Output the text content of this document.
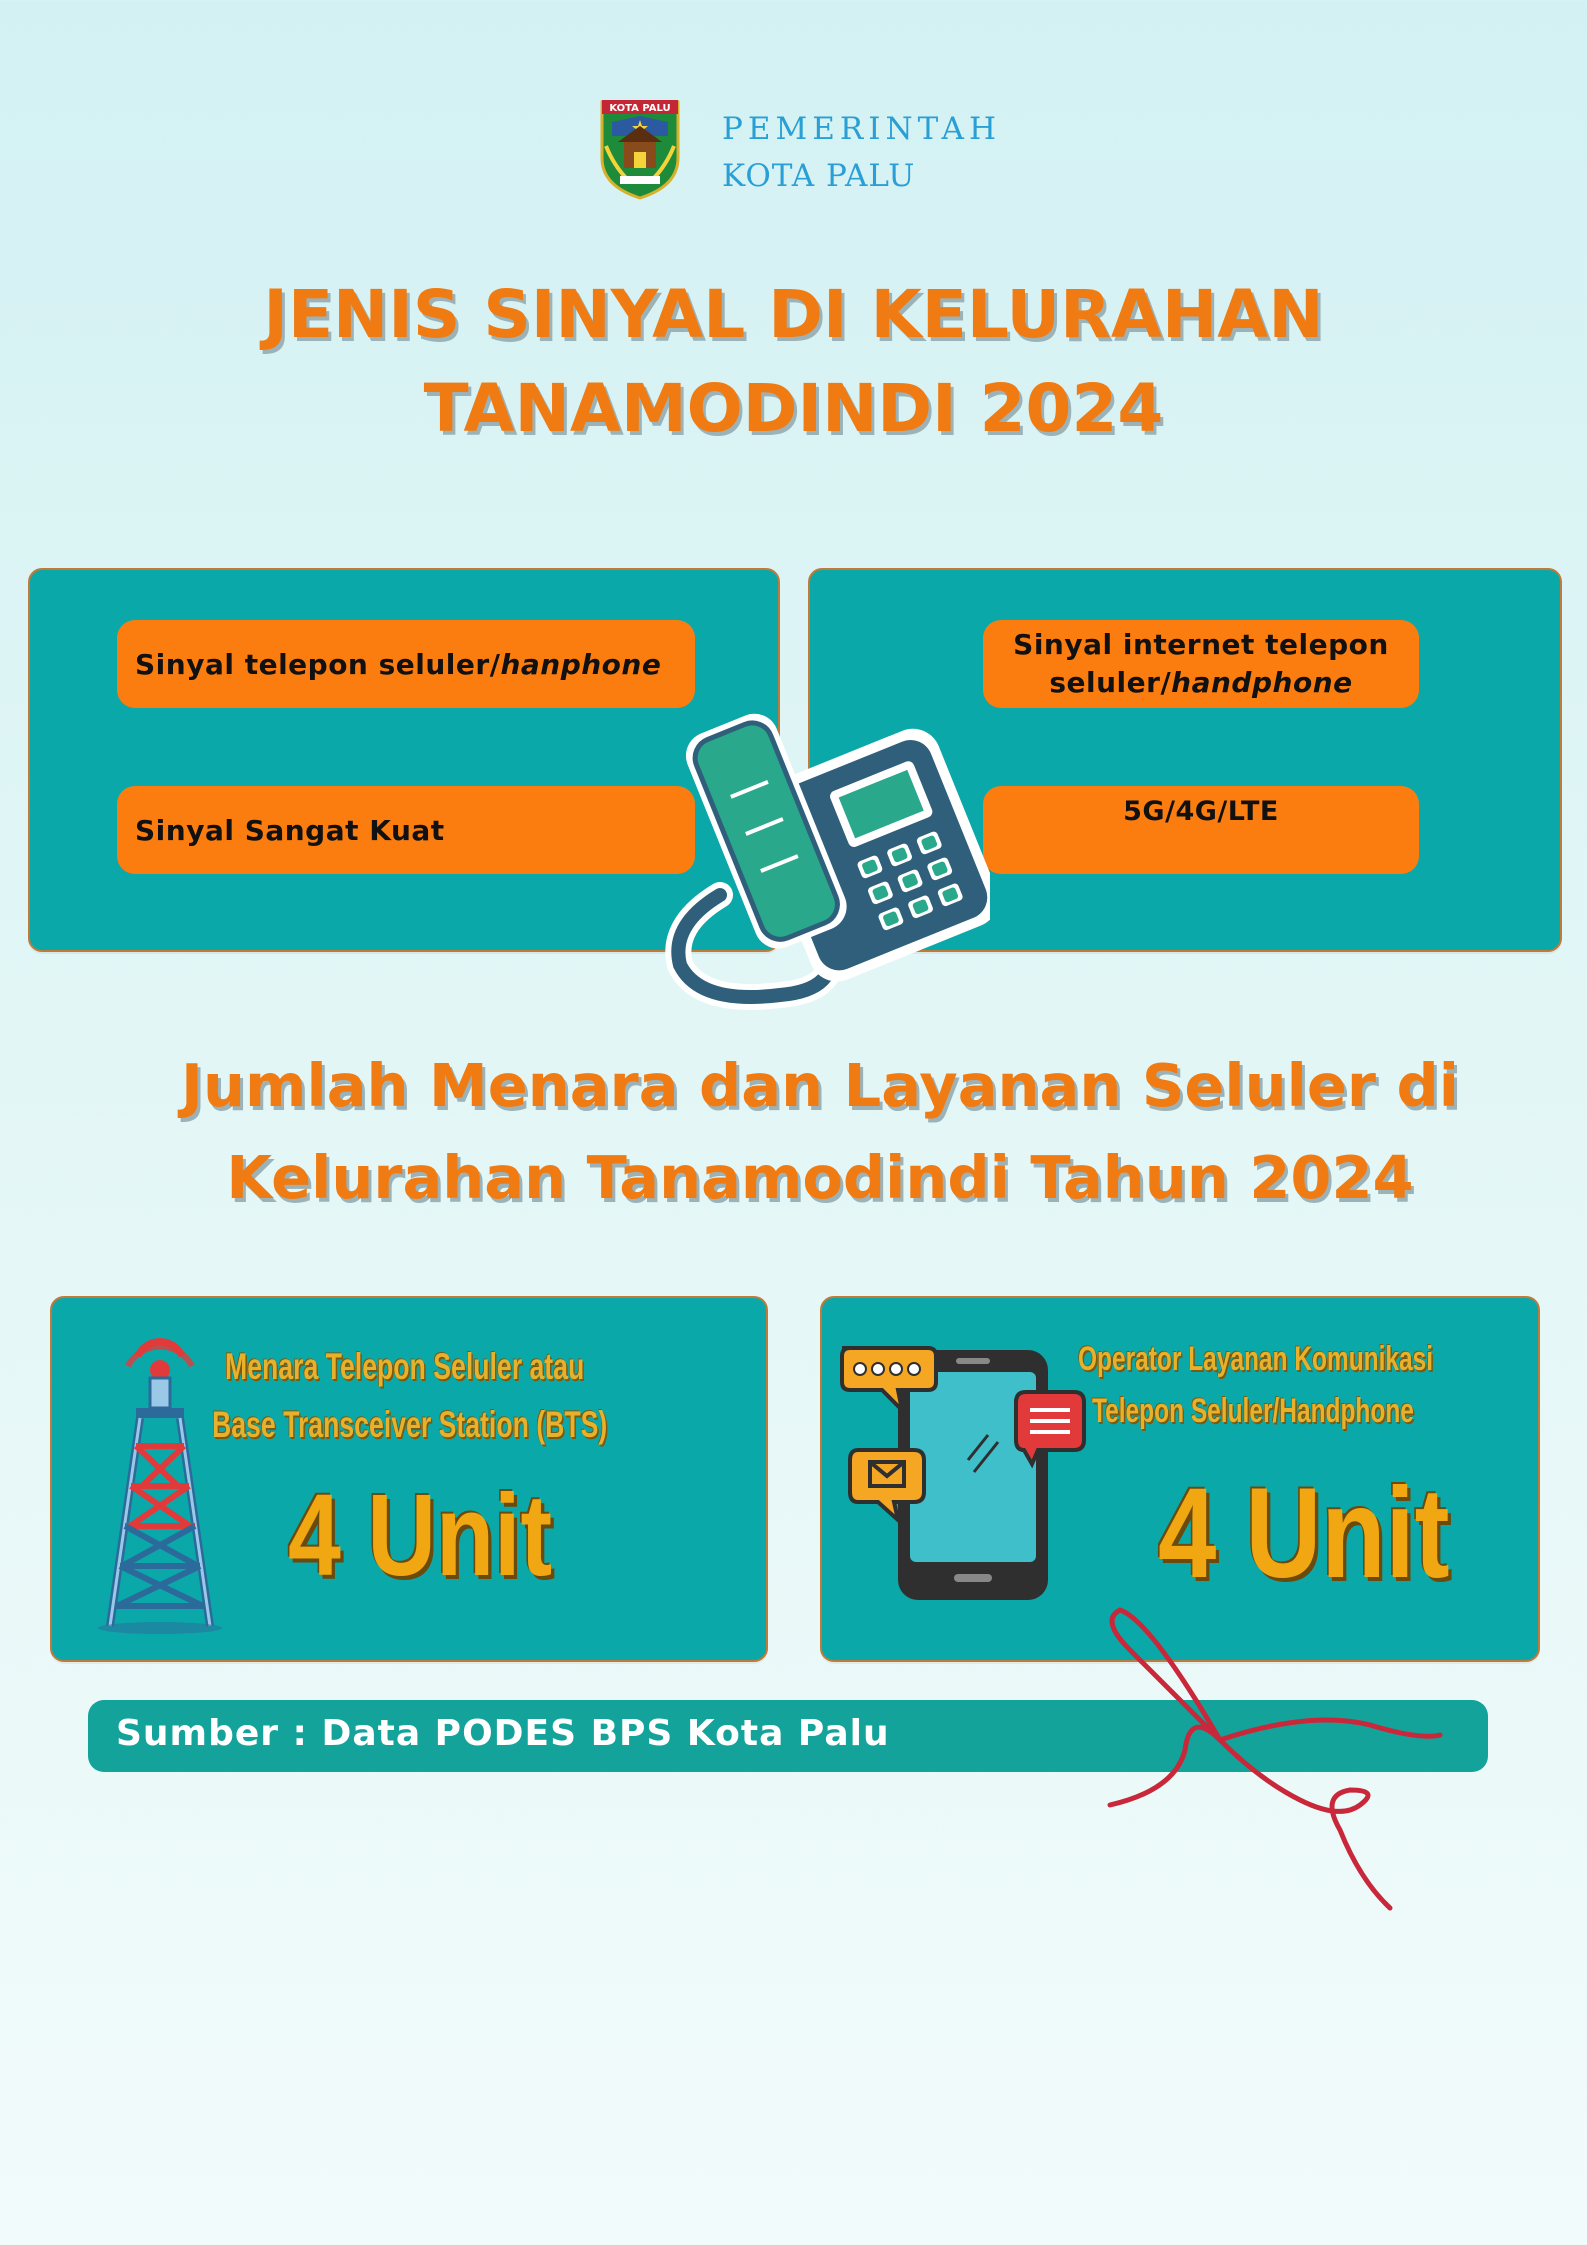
KOTA PALU
PEMERINTAH
KOTA PALU
JENIS SINYAL DI KELURAHAN
TANAMODINDI 2024
Sinyal telepon seluler/ hanphone
Sinyal Sangat Kuat
Sinyal internet telepon
seluler/handphone
5G/4G/LTE
Jumlah Menara dan Layanan Seluler di
Kelurahan Tanamodindi Tahun 2024
Menara Telepon Seluler atau
Base Transceiver Station (BTS)
4 Unit
Operator Layanan Komunikasi
Telepon Seluler/Handphone
4 Unit
Sumber : Data PODES BPS Kota Palu
